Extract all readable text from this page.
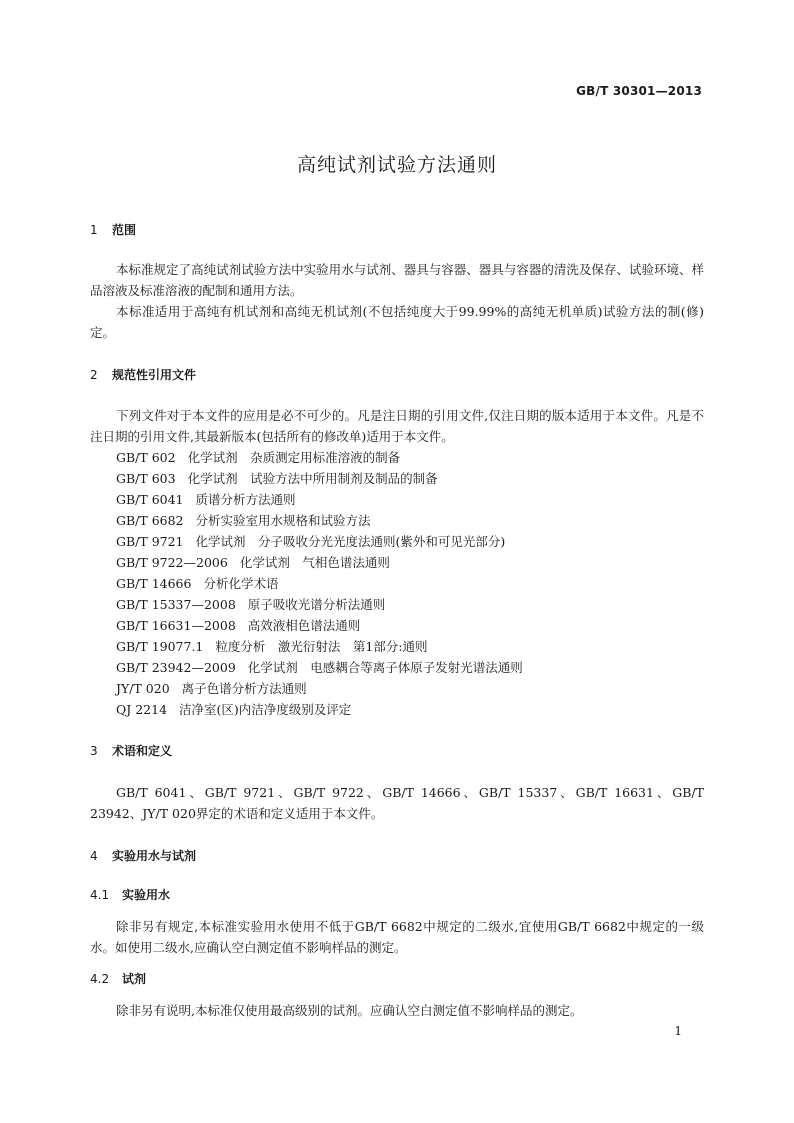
GB/T 30301—2013
高纯试剂试验方法通则
1 范围

本标准规定了高纯试剂试验方法中实验用水与试剂、器具与容器、器具与容器的清洗及保存、试验环境、样品溶液及标准溶液的配制和通用方法。

本标准适用于高纯有机试剂和高纯无机试剂(不包括纯度大于99.99%的高纯无机单质)试验方法的制(修)定。

2 规范性引用文件

下列文件对于本文件的应用是必不可少的。凡是注日期的引用文件,仅注日期的版本适用于本文件。凡是不注日期的引用文件,其最新版本(包括所有的修改单)适用于本文件。

GB/T 602 化学试剂　杂质测定用标准溶液的制备
GB/T 603 化学试剂　试验方法中所用制剂及制品的制备
GB/T 6041 质谱分析方法通则
GB/T 6682 分析实验室用水规格和试验方法
GB/T 9721 化学试剂　分子吸收分光光度法通则(紫外和可见光部分)
GB/T 9722—2006 化学试剂　气相色谱法通则
GB/T 14666 分析化学术语
GB/T 15337—2008 原子吸收光谱分析法通则
GB/T 16631—2008 高效液相色谱法通则
GB/T 19077.1 粒度分析　激光衍射法　第1部分:通则
GB/T 23942—2009 化学试剂　电感耦合等离子体原子发射光谱法通则
JY/T 020 离子色谱分析方法通则
QJ 2214 洁净室(区)内洁净度级别及评定
3 术语和定义

GB/T 6041、GB/T 9721、GB/T 9722、GB/T 14666、GB/T 15337、GB/T 16631、GB/T 23942、JY/T 020界定的术语和定义适用于本文件。

4 实验用水与试剂
4.1 实验用水

除非另有规定,本标准实验用水使用不低于GB/T 6682中规定的二级水,宜使用GB/T 6682中规定的一级水。如使用二级水,应确认空白测定值不影响样品的测定。

4.2 试剂

除非另有说明,本标准仅使用最高级别的试剂。应确认空白测定值不影响样品的测定。

1
